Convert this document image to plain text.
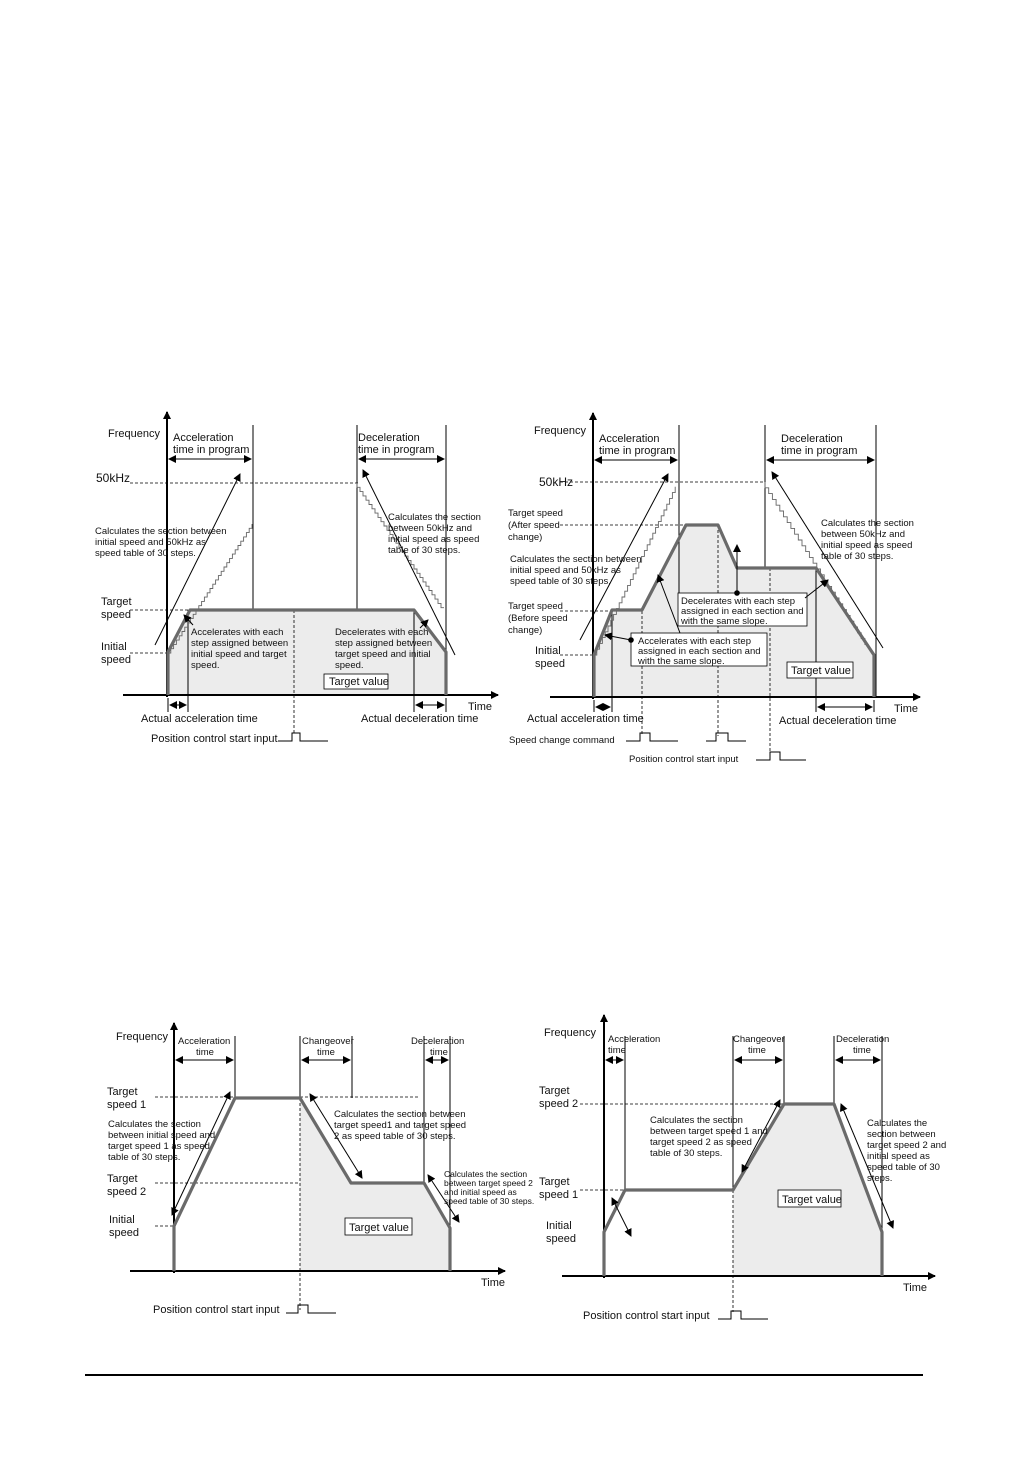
Frequency Acceleration
time in program
Deceleration
time in program
50kHz
Calculates the section between
initial speed and 50kHz as
speed table of 30 steps.
Calculates the section
between 50kHz and
initial speed as speed
table of 30 steps.
Target
speed
Initial
speed
Accelerates with each
step assigned between
initial speed and target
speed.
Decelerates with each
step assigned between
target speed and initial
speed.
Target value
Time
Actual acceleration time	Actual deceleration time
Position control start input
Frequency
Acceleration
time in program
Deceleration
time in program
50kHz
Target speed
(After speed
change)
Calculates the section between
initial speed and 50kHz as
speed table of 30 steps.
Target speed
(Before speed
change)
Initial
speed
Calculates the section
between 50kHz and
initial speed as speed
table of 30 steps.
Decelerates with each step
assigned in each section and
with the same slope.
Accelerates with each step
assigned in each section and
with the same slope.
Target value
Time
Actual acceleration time	Actual deceleration time
Speed change command
Position control start input
Frequency Acceleration
time
Changeover
time
Deceleration
time
Target
speed 1
Calculates the section
between initial speed and
target speed 1 as speed
table of 30 steps.
Calculates the section between
target speed1 and target speed
2 as speed table of 30 steps.
Target
speed 2
Calculates the section
between target speed 2
and initial speed as
speed table of 30 steps.
Initial
speed	Target value
Time
Position control start input
Frequency
Acceleration
time
Changeover
time
Deceleration
time
Target
speed 2
Calculates the section
between target speed 1 and
target speed 2 as speed
table of 30 steps.
Calculates the
section between
target speed 2 and
initial speed as
speed table of 30
steps.
Target
speed 1	Target value
Initial
speed
Time
Position control start input
